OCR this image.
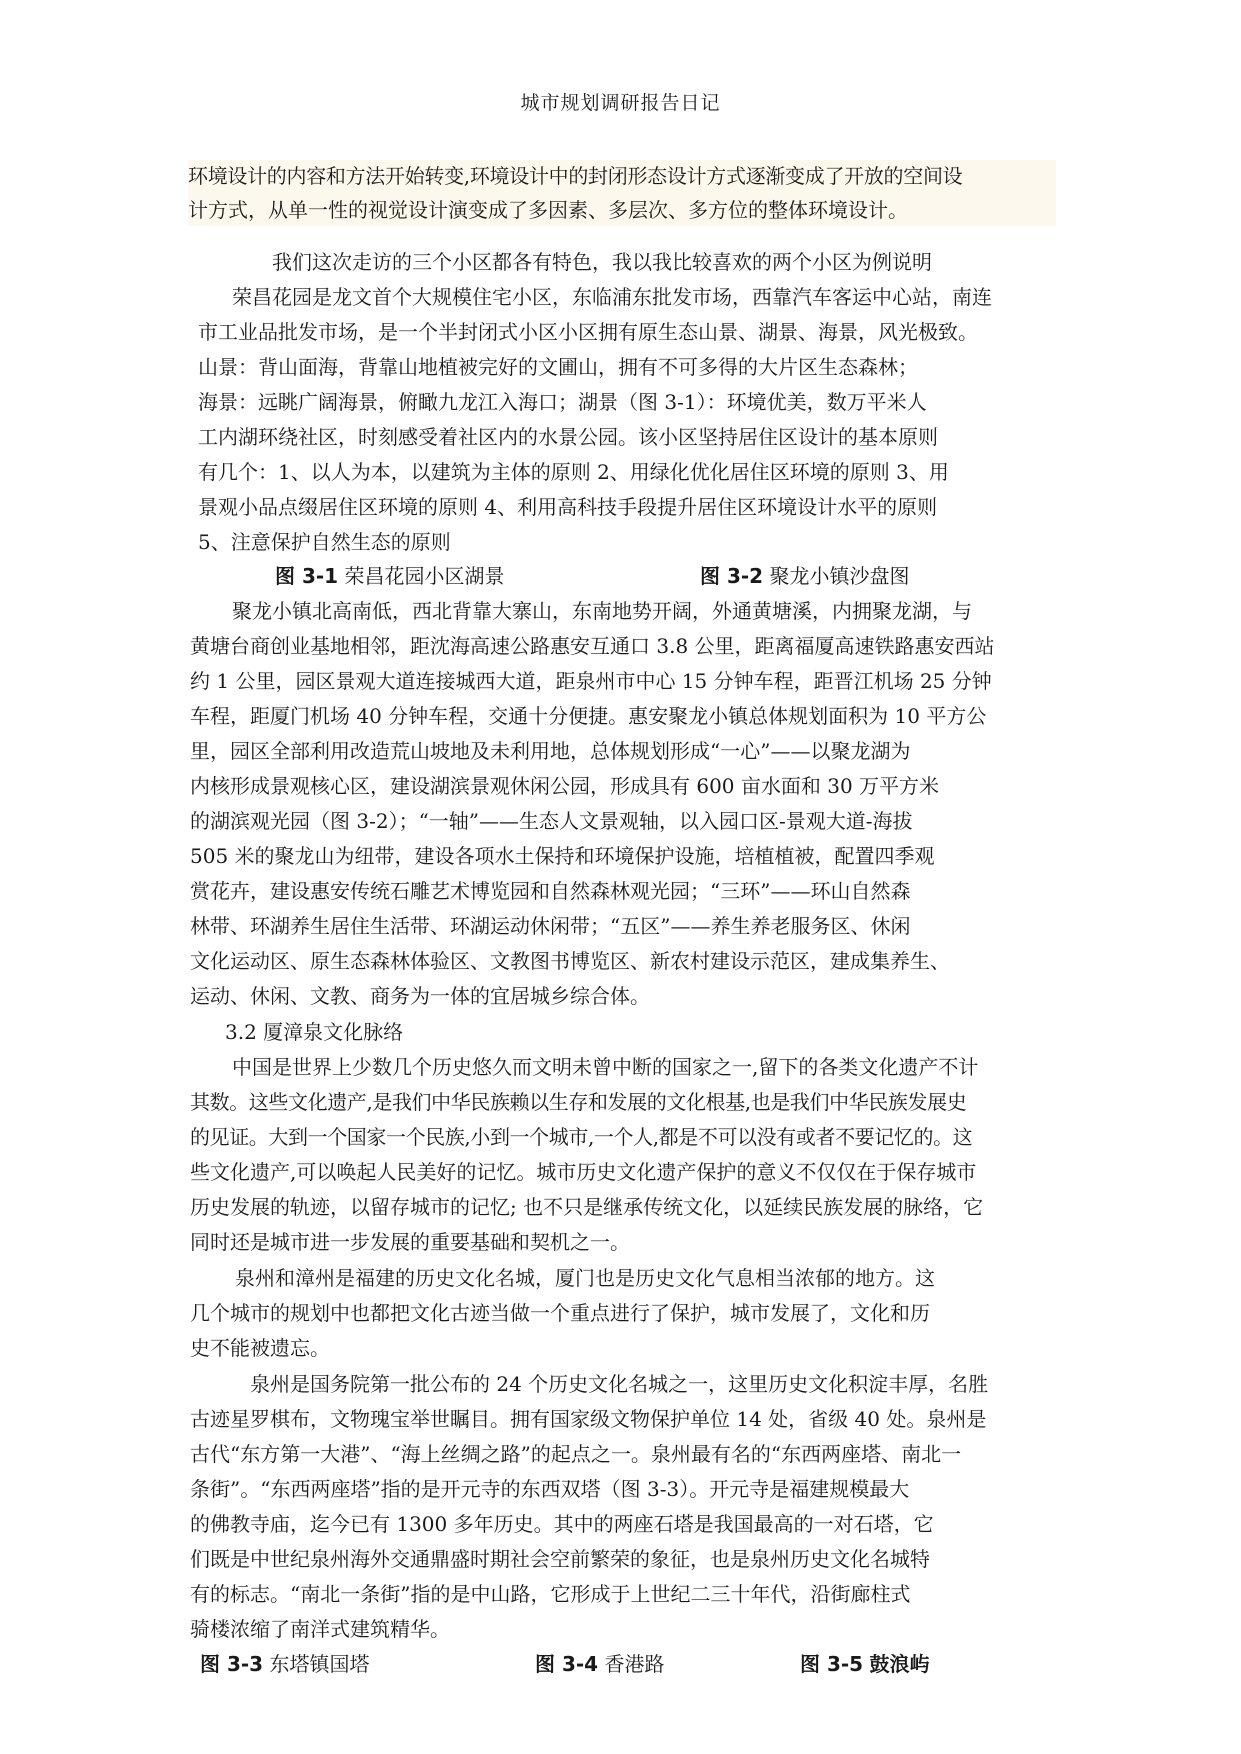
城市规划调研报告日记
环境设计的内容和方法开始转变,环境设计中的封闭形态设计方式逐渐变成了开放的空间设
计方式，从单一性的视觉设计演变成了多因素、多层次、多方位的整体环境设计。
我们这次走访的三个小区都各有特色，我以我比较喜欢的两个小区为例说明
荣昌花园是龙文首个大规模住宅小区，东临浦东批发市场，西靠汽车客运中心站，南连
市工业品批发市场，是一个半封闭式小区小区拥有原生态山景、湖景、海景，风光极致。
山景：背山面海，背靠山地植被完好的文圃山，拥有不可多得的大片区生态森林；
海景：远眺广阔海景，俯瞰九龙江入海口；湖景（图 3-1）：环境优美，数万平米人
工内湖环绕社区，时刻感受着社区内的水景公园。该小区坚持居住区设计的基本原则
有几个：1、以人为本，以建筑为主体的原则 2、用绿化优化居住区环境的原则 3、用
景观小品点缀居住区环境的原则 4、利用高科技手段提升居住区环境设计水平的原则
5、注意保护自然生态的原则
图 3-1 荣昌花园小区湖景	图 3-2 聚龙小镇沙盘图
聚龙小镇北高南低，西北背靠大寨山，东南地势开阔，外通黄塘溪，内拥聚龙湖，与
黄塘台商创业基地相邻，距沈海高速公路惠安互通口 3.8 公里，距离福厦高速铁路惠安西站
约 1 公里，园区景观大道连接城西大道，距泉州市中心 15 分钟车程，距晋江机场 25 分钟
车程，距厦门机场 40 分钟车程，交通十分便捷。惠安聚龙小镇总体规划面积为 10 平方公
里，园区全部利用改造荒山坡地及未利用地，总体规划形成“一心”——以聚龙湖为
内核形成景观核心区，建设湖滨景观休闲公园，形成具有 600 亩水面和 30 万平方米
的湖滨观光园（图 3-2）；“一轴”——生态人文景观轴，以入园口区-景观大道-海拔
505 米的聚龙山为纽带，建设各项水土保持和环境保护设施，培植植被，配置四季观
赏花卉，建设惠安传统石雕艺术博览园和自然森林观光园；“三环”——环山自然森
林带、环湖养生居住生活带、环湖运动休闲带；“五区”——养生养老服务区、休闲
文化运动区、原生态森林体验区、文教图书博览区、新农村建设示范区，建成集养生、
运动、休闲、文教、商务为一体的宜居城乡综合体。
3.2 厦漳泉文化脉络
中国是世界上少数几个历史悠久而文明未曾中断的国家之一,留下的各类文化遗产不计
其数。这些文化遗产,是我们中华民族赖以生存和发展的文化根基,也是我们中华民族发展史
的见证。大到一个国家一个民族,小到一个城市,一个人,都是不可以没有或者不要记忆的。这
些文化遗产,可以唤起人民美好的记忆。城市历史文化遗产保护的意义不仅仅在于保存城市
历史发展的轨迹，以留存城市的记忆; 也不只是继承传统文化，以延续民族发展的脉络，它
同时还是城市进一步发展的重要基础和契机之一。
泉州和漳州是福建的历史文化名城，厦门也是历史文化气息相当浓郁的地方。这
几个城市的规划中也都把文化古迹当做一个重点进行了保护，城市发展了，文化和历
史不能被遗忘。
泉州是国务院第一批公布的 24 个历史文化名城之一，这里历史文化积淀丰厚，名胜
古迹星罗棋布，文物瑰宝举世瞩目。拥有国家级文物保护单位 14 处，省级 40 处。泉州是
古代“东方第一大港”、“海上丝绸之路”的起点之一。泉州最有名的“东西两座塔、南北一
条街”。“东西两座塔”指的是开元寺的东西双塔（图 3-3）。开元寺是福建规模最大
的佛教寺庙，迄今已有 1300 多年历史。其中的两座石塔是我国最高的一对石塔，它
们既是中世纪泉州海外交通鼎盛时期社会空前繁荣的象征，也是泉州历史文化名城特
有的标志。“南北一条街”指的是中山路，它形成于上世纪二三十年代，沿街廊柱式
骑楼浓缩了南洋式建筑精华。
图 3-3 东塔镇国塔	图 3-4 香港路	图 3-5 鼓浪屿
